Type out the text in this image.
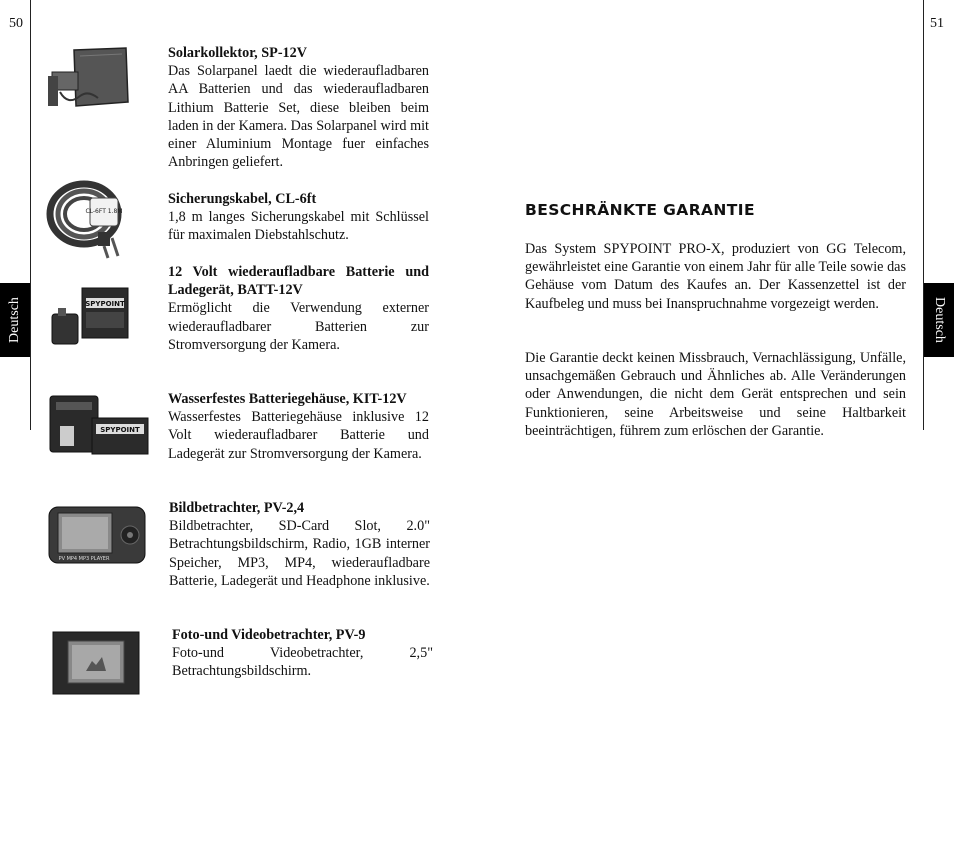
50	51
Deutsch	Deutsch
Solarkollektor, SP-12V
Das Solarpanel laedt die wiederaufladbaren AA Batterien und das wiederaufladbaren Lithium Batterie Set, diese bleiben beim laden in der Kamera. Das Solarpanel wird mit einer Aluminium Montage fuer einfaches Anbringen geliefert.
CL-6FT 1.8M
Sicherungskabel, CL-6ft
1,8 m langes Sicherungskabel mit Schlüssel für maximalen Diebstahlschutz.
SPYPOINT
12 Volt wiederaufladbare Batterie und Ladegerät, BATT-12V
Ermöglicht die Verwendung externer wiederaufladbarer Batterien zur Stromversorgung der Kamera.
SPYPOINT
Wasserfestes Batteriegehäuse, KIT-12V
Wasserfestes Batteriegehäuse inklusive 12 Volt wiederaufladbarer Batterie und Ladegerät zur Stromversorgung der Kamera.
PV MP4 MP3 PLAYER
Bildbetrachter, PV-2,4
Bildbetrachter, SD-Card Slot, 2.0" Betrachtungsbildschirm, Radio, 1GB interner Speicher, MP3, MP4, wiederaufladbare Batterie, Ladegerät und Headphone inklusive.
Foto-und Videobetrachter, PV-9
Foto-und Videobetrachter, 2,5" Betrachtungsbildschirm.
BESCHRÄNKTE GARANTIE
Das System SPYPOINT PRO-X, produziert von GG Telecom, gewährleistet eine Garantie von einem Jahr für alle Teile sowie das Gehäuse vom Datum des Kaufes an. Der Kassenzettel ist der Kaufbeleg und muss bei Inanspruchnahme vorgezeigt werden.
Die Garantie deckt keinen Missbrauch, Vernachlässigung, Unfälle, unsachgemäßen Gebrauch und Ähnliches ab. Alle Veränderungen oder Anwendungen, die nicht dem Gerät entsprechen und sein Funktionieren, seine Arbeitsweise und seine Haltbarkeit beeinträchtigen, führem zum erlöschen der Garantie.
